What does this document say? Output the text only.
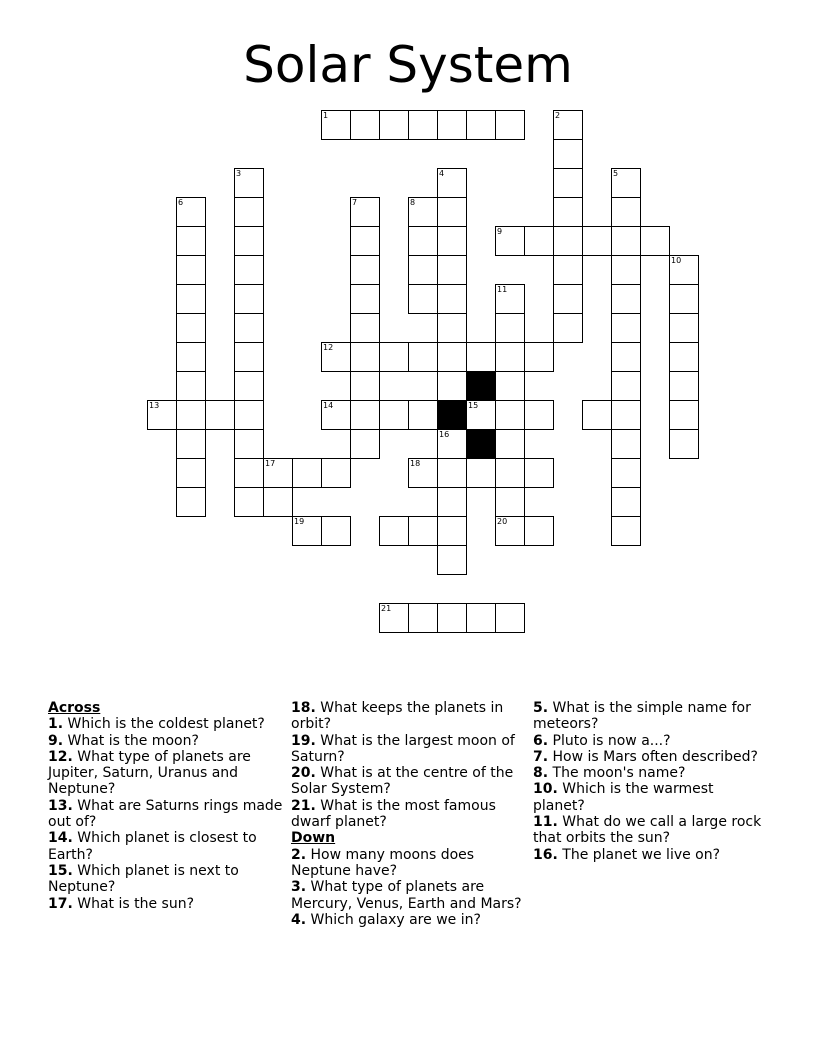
Solar System
1	2
3	4	5
6	7	8
9
10
11
12
13	14	15
16
17	18
19	20
21
Across
1. Which is the coldest planet?
9. What is the moon?
12. What type of planets are Jupiter, Saturn, Uranus and Neptune?
13. What are Saturns rings made out of?
14. Which planet is closest to Earth?
15. Which planet is next to Neptune?
17. What is the sun?
18. What keeps the planets in orbit?
19. What is the largest moon of Saturn?
20. What is at the centre of the Solar System?
21. What is the most famous dwarf planet?
Down
2. How many moons does Neptune have?
3. What type of planets are Mercury, Venus, Earth and Mars?
4. Which galaxy are we in?
5. What is the simple name for meteors?
6. Pluto is now a...?
7. How is Mars often described?
8. The moon's name?
10. Which is the warmest planet?
11. What do we call a large rock that orbits the sun?
16. The planet we live on?
